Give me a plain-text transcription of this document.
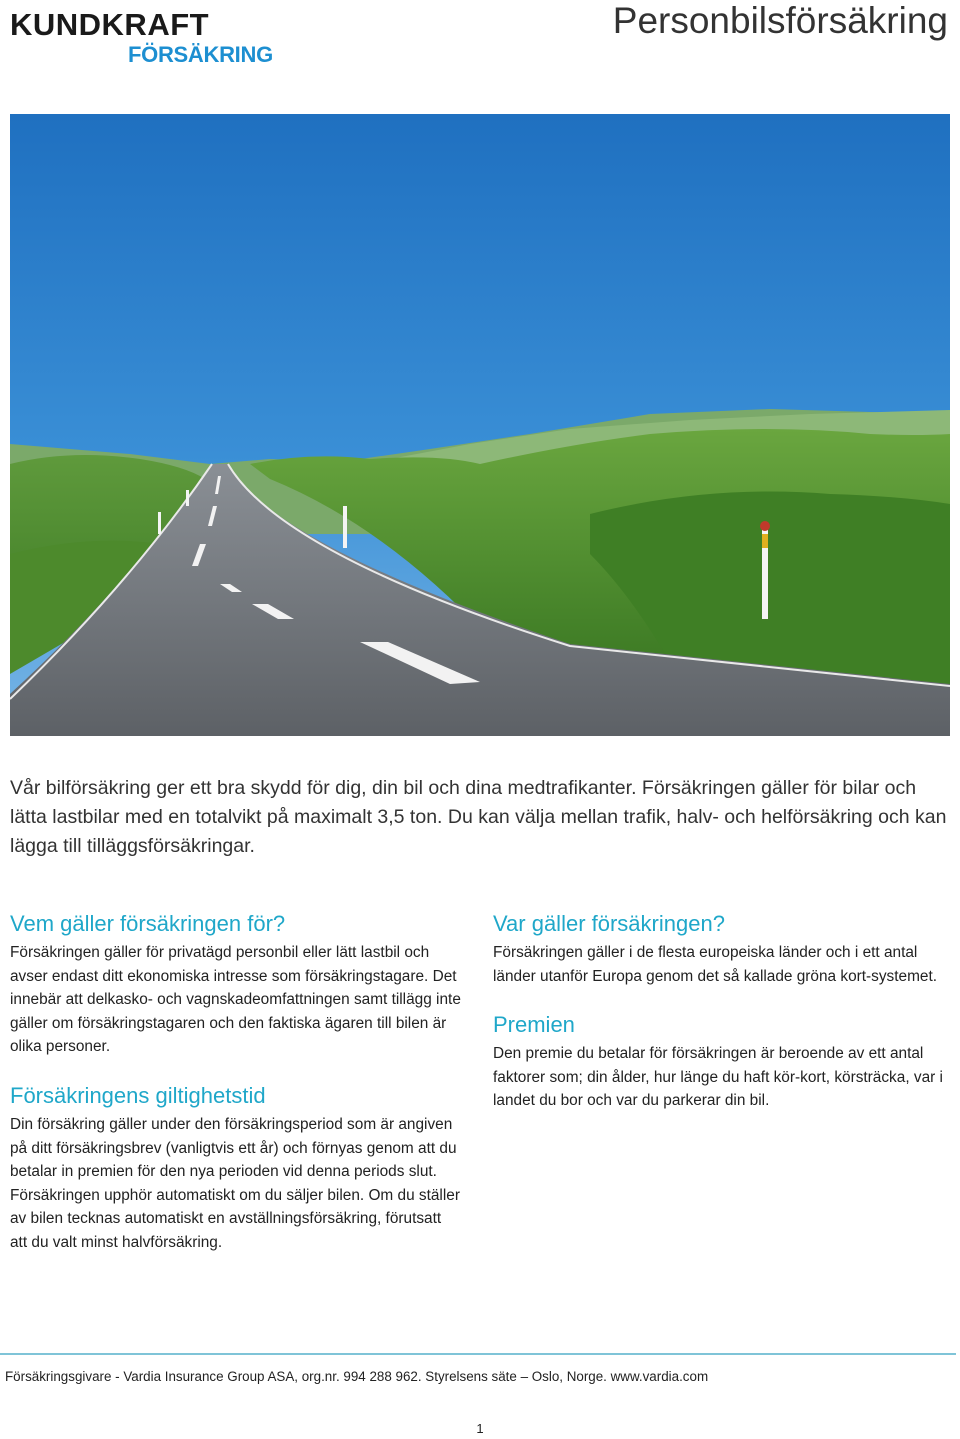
KUNDKRAFT
FÖRSÄKRING
Personbilsförsäkring

Vår bilförsäkring ger ett bra skydd för dig, din bil och dina medtrafikanter. Försäkringen gäller för bilar och lätta lastbilar med en totalvikt på maximalt 3,5 ton. Du kan välja mellan trafik, halv- och helförsäkring och kan lägga till tilläggsförsäkringar.

Vem gäller försäkringen för?

Försäkringen gäller för privatägd personbil eller lätt lastbil och avser endast ditt ekonomiska intresse som försäkringstagare. Det innebär att delkasko- och vagnskadeomfattningen samt tillägg inte gäller om försäkringstagaren och den faktiska ägaren till bilen är olika personer.

Försäkringens giltighetstid

Din försäkring gäller under den försäkringsperiod som är angiven på ditt försäkringsbrev (vanligtvis ett år) och förnyas genom att du betalar in premien för den nya perioden vid denna periods slut. Försäkringen upphör automatiskt om du säljer bilen. Om du ställer av bilen tecknas automatiskt en avställningsförsäkring, förutsatt att du valt minst halvförsäkring.

Var gäller försäkringen?

Försäkringen gäller i de flesta europeiska länder och i ett antal länder utanför Europa genom det så kallade gröna kort-systemet.

Premien

Den premie du betalar för försäkringen är beroende av ett antal faktorer som; din ålder, hur länge du haft kör-kort, körsträcka, var i landet du bor och var du parkerar din bil.

Försäkringsgivare - Vardia Insurance Group ASA, org.nr. 994 288 962. Styrelsens säte – Oslo, Norge. www.vardia.com
1
